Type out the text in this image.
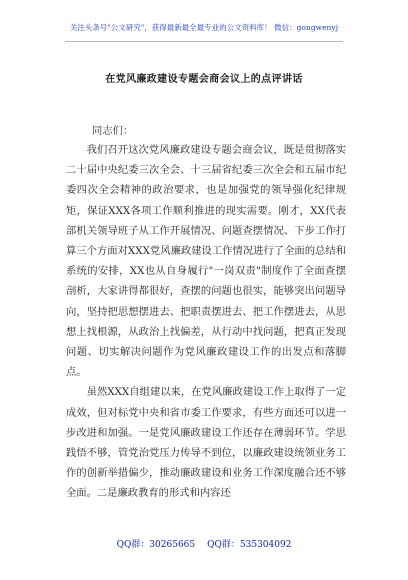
关注头条号"公文研究"，获得最新最全最专业的公文资料库！ 微信：gongwenyj
在党风廉政建设专题会商会议上的点评讲话
同志们：

我们召开这次党风廉政建设专题会商会议，既是贯彻落实二十届中央纪委三次全会、十三届省纪委三次全会和五届市纪委四次全会精神的政治要求，也是加强党的领导强化纪律规矩，保证XXX各项工作顺利推进的现实需要。刚才，XX代表部机关领导班子从工作开展情况、问题查摆情况、下步工作打算三个方面对XXX党风廉政建设工作情况进行了全面的总结和系统的安排，XX也从自身履行"一岗双责"制度作了全面查摆剖析，大家讲得都很好，查摆的问题也很实，能够突出问题导向，坚持把思想摆进去、把职责摆进去、把工作摆进去，从思想上找根源，从政治上找偏差，从行动中找问题，把真正发现问题、切实解决问题作为党风廉政建设工作的出发点和落脚点。

虽然XXX自组建以来，在党风廉政建设工作上取得了一定成效，但对标党中央和省市委工作要求，有些方面还可以进一步改进和加强。一是党风廉政建设工作还存在薄弱环节。学思践悟不够，管党治党压力传导不到位，以廉政建设统领业务工作的创新举措偏少，推动廉政建设和业务工作深度融合还不够全面。二是廉政教育的形式和内容还

QQ群：30265665 QQ群：535304092
